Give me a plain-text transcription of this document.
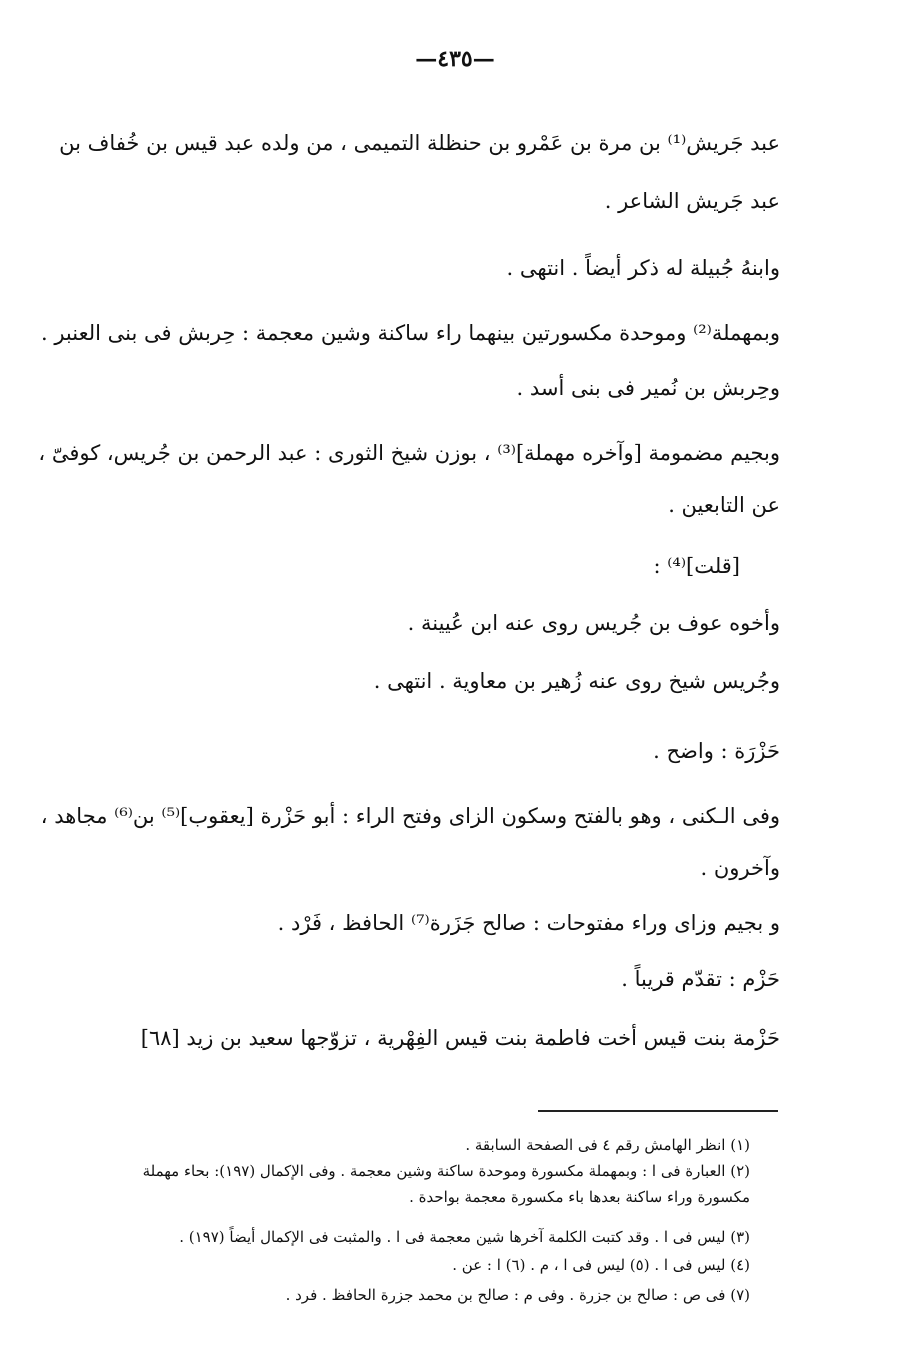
—٤٣٥—
عبد جَريش⁽¹⁾ بن مرة بن عَمْرو بن حنظلة التميمى ، من ولده عبد قيس بن خُفاف بن
عبد جَريش الشاعر .
وابنهُ جُبيلة له ذكر أيضاً . انتهى .
وبمهملة⁽²⁾ وموحدة مكسورتين بينهما راء ساكنة وشين معجمة : حِربش فى بنى العنبر .
وحِربش بن نُمير فى بنى أسد .
وبجيم مضمومة [وآخره مهملة]⁽³⁾ ، بوزن شيخ الثورى : عبد الرحمن بن جُريس، كوفىّ ،
عن التابعين .
[قلت]⁽⁴⁾ :
وأخوه عوف بن جُريس روى عنه ابن عُيينة .
وجُريس شيخ روى عنه زُهير بن معاوية . انتهى .
حَزْرَة : واضح .
وفى الـكنى ، وهو بالفتح وسكون الزاى وفتح الراء : أبو حَزْرة [يعقوب]⁽⁵⁾ بن⁽⁶⁾ مجاهد ،
وآخرون .
و بجيم وزاى وراء مفتوحات : صالح جَزَرة⁽⁷⁾ الحافظ ، فَرْد .
حَزْم : تقدّم قريباً .
حَزْمة بنت قيس أخت فاطمة بنت قيس الفِهْرية ، تزوّجها سعيد بن زيد [٦٨]
(١) انظر الهامش رقم ٤ فى الصفحة السابقة .
(٢) العبارة فى ا : وبمهملة مكسورة وموحدة ساكنة وشين معجمة . وفى الإكمال (١٩٧): بحاء مهملة
مكسورة وراء ساكنة بعدها باء مكسورة معجمة بواحدة .
(٣) ليس فى ا . وقد كتبت الكلمة آخرها شين معجمة فى ا . والمثبت فى الإكمال أيضاً (١٩٧) .
(٤) ليس فى ا . (٥) ليس فى ا ، م . (٦) ا : عن .
(٧) فى ص : صالح بن جزرة . وفى م : صالح بن محمد جزرة الحافظ . فرد .
